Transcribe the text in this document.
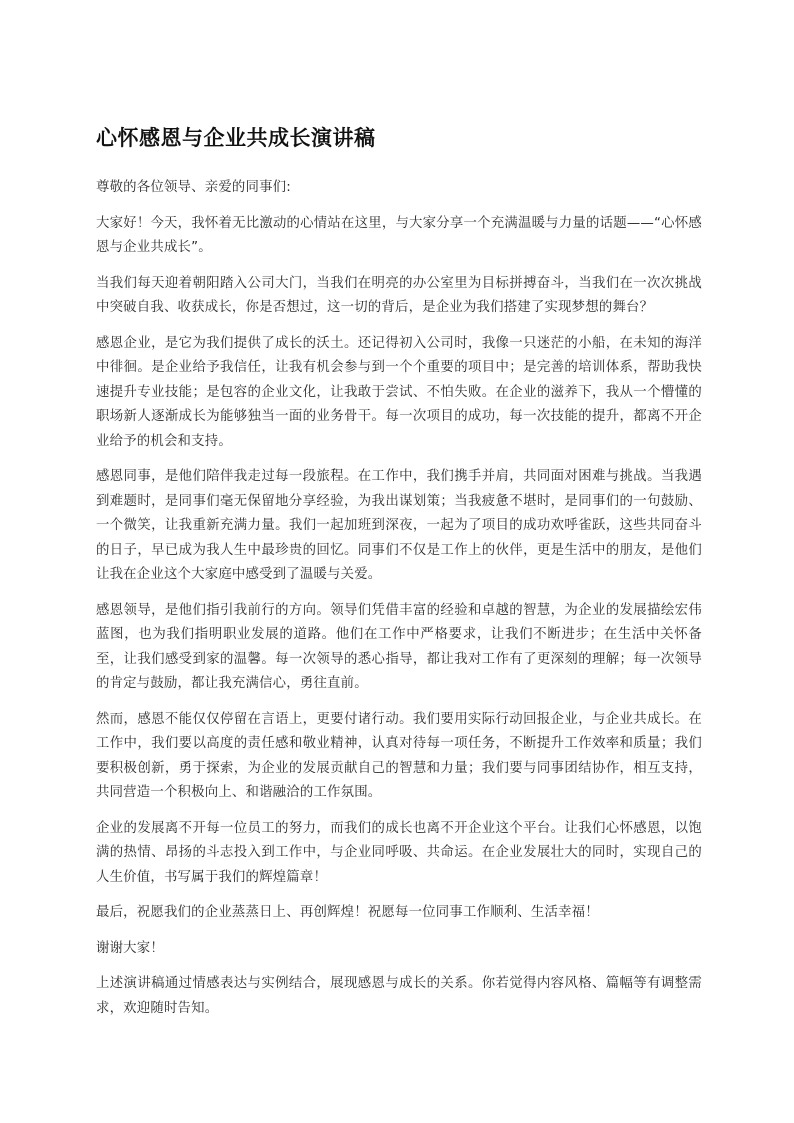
心怀感恩与企业共成长演讲稿

尊敬的各位领导、亲爱的同事们:

大家好！今天，我怀着无比激动的心情站在这里，与大家分享一个充满温暖与力量的话题——“心怀感恩与企业共成长”。

当我们每天迎着朝阳踏入公司大门，当我们在明亮的办公室里为目标拼搏奋斗，当我们在一次次挑战中突破自我、收获成长，你是否想过，这一切的背后，是企业为我们搭建了实现梦想的舞台？

感恩企业，是它为我们提供了成长的沃土。还记得初入公司时，我像一只迷茫的小船，在未知的海洋中徘徊。是企业给予我信任，让我有机会参与到一个个重要的项目中；是完善的培训体系，帮助我快速提升专业技能；是包容的企业文化，让我敢于尝试、不怕失败。在企业的滋养下，我从一个懵懂的职场新人逐渐成长为能够独当一面的业务骨干。每一次项目的成功，每一次技能的提升，都离不开企业给予的机会和支持。

感恩同事，是他们陪伴我走过每一段旅程。在工作中，我们携手并肩，共同面对困难与挑战。当我遇到难题时，是同事们毫无保留地分享经验，为我出谋划策；当我疲惫不堪时，是同事们的一句鼓励、一个微笑，让我重新充满力量。我们一起加班到深夜，一起为了项目的成功欢呼雀跃，这些共同奋斗的日子，早已成为我人生中最珍贵的回忆。同事们不仅是工作上的伙伴，更是生活中的朋友，是他们让我在企业这个大家庭中感受到了温暖与关爱。

感恩领导，是他们指引我前行的方向。领导们凭借丰富的经验和卓越的智慧，为企业的发展描绘宏伟蓝图，也为我们指明职业发展的道路。他们在工作中严格要求，让我们不断进步；在生活中关怀备至，让我们感受到家的温馨。每一次领导的悉心指导，都让我对工作有了更深刻的理解；每一次领导的肯定与鼓励，都让我充满信心，勇往直前。

然而，感恩不能仅仅停留在言语上，更要付诸行动。我们要用实际行动回报企业，与企业共成长。在工作中，我们要以高度的责任感和敬业精神，认真对待每一项任务，不断提升工作效率和质量；我们要积极创新，勇于探索，为企业的发展贡献自己的智慧和力量；我们要与同事团结协作，相互支持，共同营造一个积极向上、和谐融洽的工作氛围。

企业的发展离不开每一位员工的努力，而我们的成长也离不开企业这个平台。让我们心怀感恩，以饱满的热情、昂扬的斗志投入到工作中，与企业同呼吸、共命运。在企业发展壮大的同时，实现自己的人生价值，书写属于我们的辉煌篇章！

最后，祝愿我们的企业蒸蒸日上、再创辉煌！祝愿每一位同事工作顺利、生活幸福！

谢谢大家！

上述演讲稿通过情感表达与实例结合，展现感恩与成长的关系。你若觉得内容风格、篇幅等有调整需求，欢迎随时告知。
